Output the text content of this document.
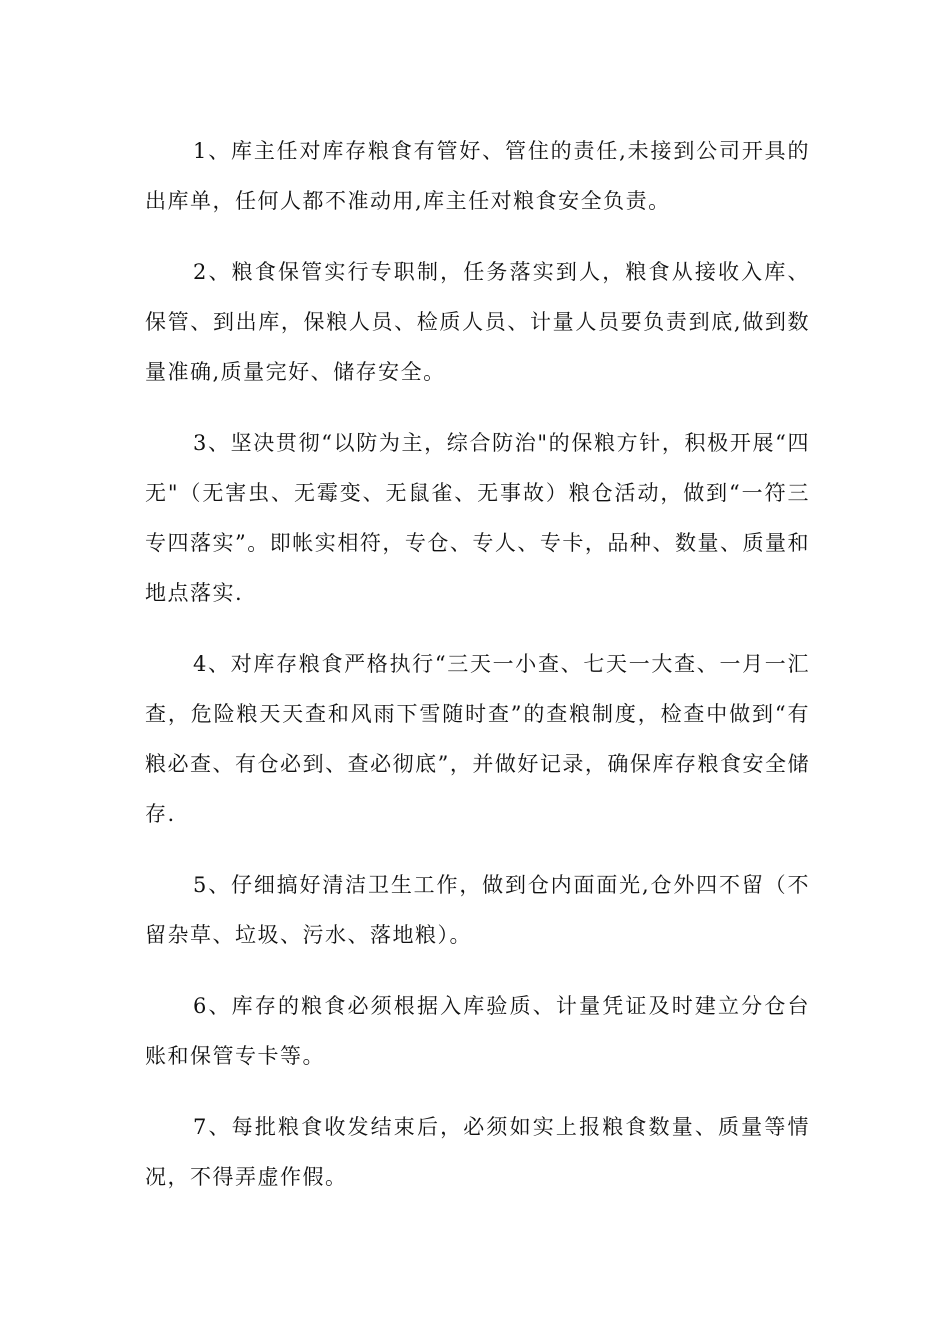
1、库主任对库存粮食有管好、管住的责任,未接到公司开具的出库单，任何人都不准动用,库主任对粮食安全负责。

2、粮食保管实行专职制，任务落实到人，粮食从接收入库、保管、到出库，保粮人员、检质人员、计量人员要负责到底,做到数量准确,质量完好、储存安全。

3、坚决贯彻“以防为主，综合防治"的保粮方针，积极开展“四无"（无害虫、无霉变、无鼠雀、无事故）粮仓活动，做到“一符三专四落实”。即帐实相符，专仓、专人、专卡，品种、数量、质量和地点落实.

4、对库存粮食严格执行“三天一小查、七天一大查、一月一汇查，危险粮天天查和风雨下雪随时查”的查粮制度，检查中做到“有粮必查、有仓必到、查必彻底”，并做好记录，确保库存粮食安全储存.

5、仔细搞好清洁卫生工作，做到仓内面面光,仓外四不留（不留杂草、垃圾、污水、落地粮）。

6、库存的粮食必须根据入库验质、计量凭证及时建立分仓台账和保管专卡等。

7、每批粮食收发结束后，必须如实上报粮食数量、质量等情况，不得弄虚作假。
